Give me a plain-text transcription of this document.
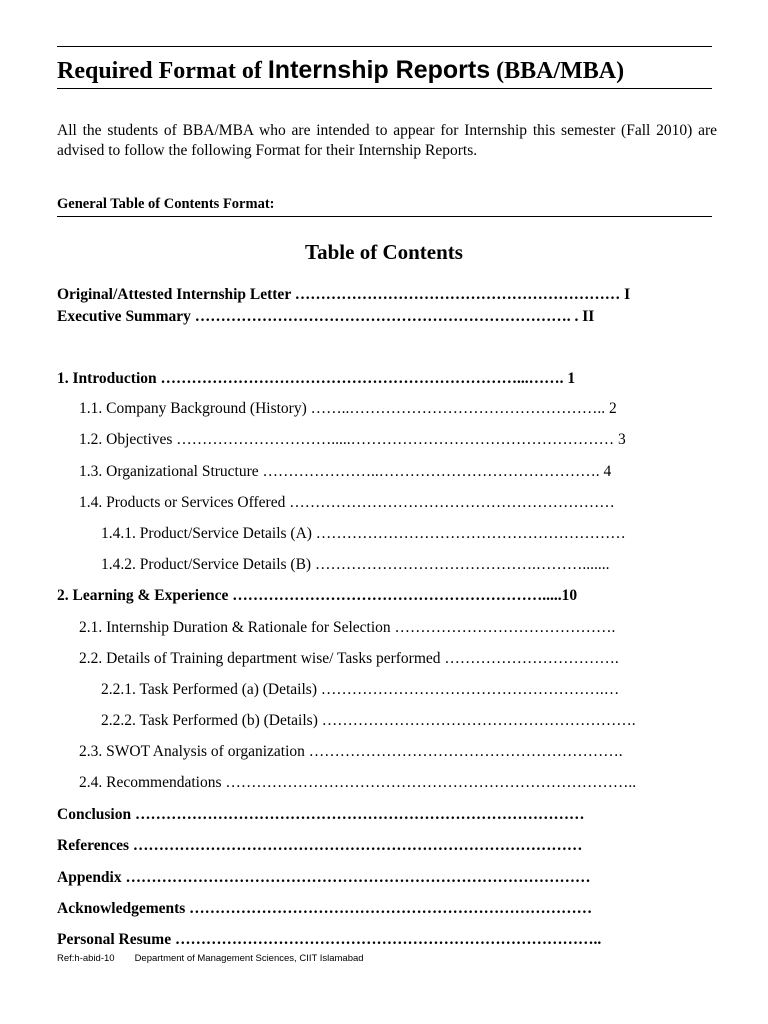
Required Format of Internship Reports (BBA/MBA)
All the students of BBA/MBA who are intended to appear for Internship this semester (Fall 2010) are advised to follow the following Format for their Internship Reports.
General Table of Contents Format:
Table of Contents
Original/Attested Internship Letter ……………………………………………………… I
Executive Summary ………………………………………………………………. . II
1. Introduction ……………………………………………………………...……. 1
1.1. Company Background (History) ……..………………………………………….. 2
1.2. Objectives ………………………….....…………………………………………… 3
1.3. Organizational Structure …………………..……………………………………. 4
1.4. Products or Services Offered ………………………………………………………
1.4.1. Product/Service Details (A) ……………………………………………………
1.4.2. Product/Service Details (B) …………………………………….……….......
2. Learning & Experience …………………………………………………….....10
2.1. Internship Duration & Rationale for Selection …………………………………….
2.2. Details of Training department wise/ Tasks performed …………………………….
2.2.1. Task Performed (a) (Details) ……………………………………………….…
2.2.2. Task Performed (b) (Details) …………………………………………………….
2.3. SWOT Analysis of organization …………………………………………………….
2.4. Recommendations ……………………………………………………………………..
Conclusion ……………………………………………………………………………
References ……………………………………………………………………………
Appendix ………………………………………………………………………………
Acknowledgements ……………………………………………………………………
Personal Resume ………………………………………………………………………..
Ref:h-abid-10 Department of Management Sciences, CIIT Islamabad
